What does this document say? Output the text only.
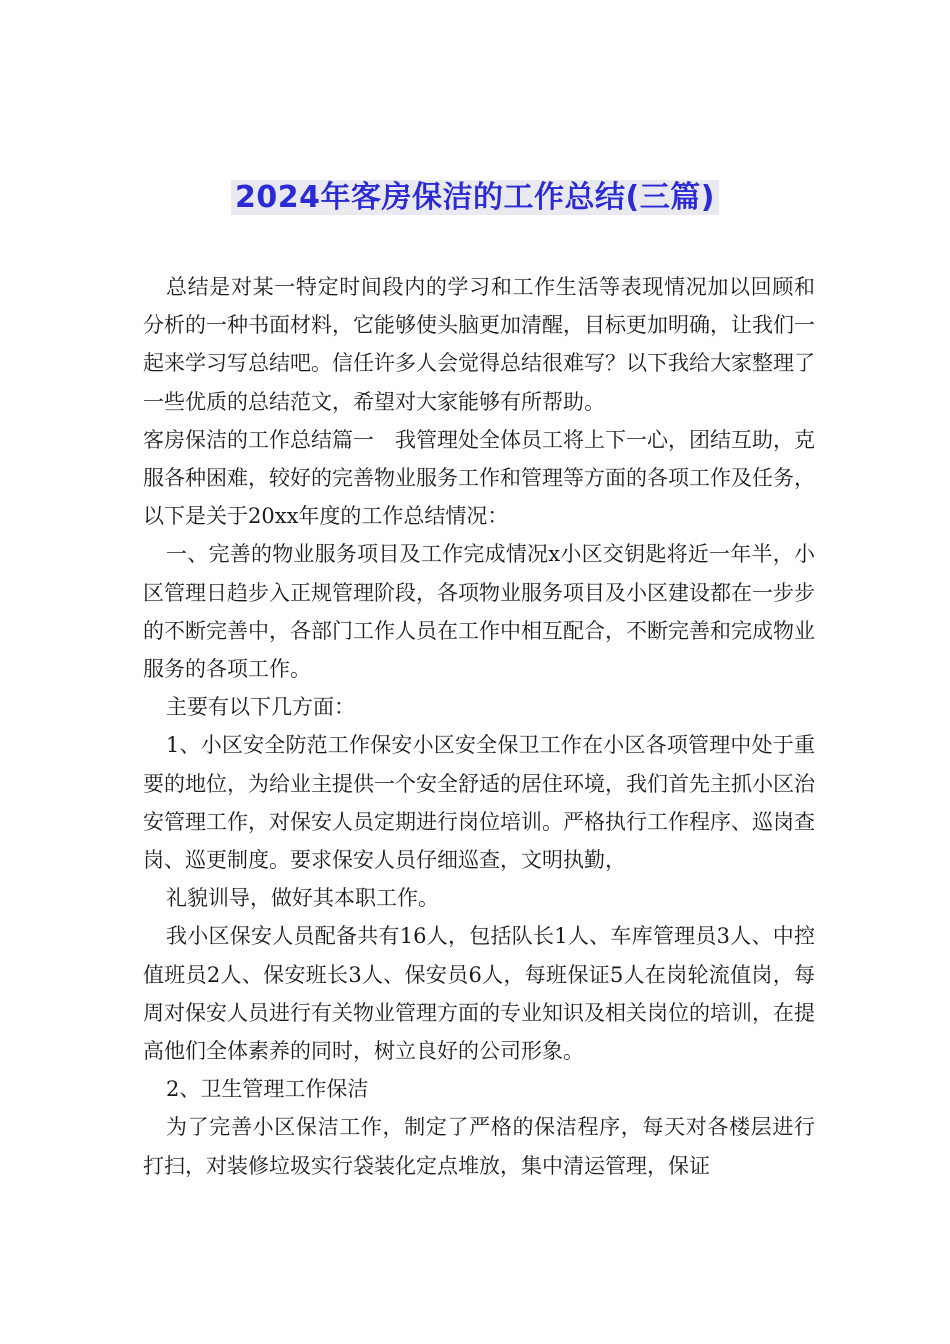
2024年客房保洁的工作总结(三篇)

总结是对某一特定时间段内的学习和工作生活等表现情况加以回顾和分析的一种书面材料，它能够使头脑更加清醒，目标更加明确，让我们一起来学习写总结吧。信任许多人会觉得总结很难写？以下我给大家整理了一些优质的总结范文，希望对大家能够有所帮助。

客房保洁的工作总结篇一　我管理处全体员工将上下一心，团结互助，克服各种困难，较好的完善物业服务工作和管理等方面的各项工作及任务，以下是关于20xx年度的工作总结情况：

一、完善的物业服务项目及工作完成情况x小区交钥匙将近一年半，小区管理日趋步入正规管理阶段，各项物业服务项目及小区建设都在一步步的不断完善中，各部门工作人员在工作中相互配合，不断完善和完成物业服务的各项工作。

主要有以下几方面：

1、小区安全防范工作保安小区安全保卫工作在小区各项管理中处于重要的地位，为给业主提供一个安全舒适的居住环境，我们首先主抓小区治安管理工作，对保安人员定期进行岗位培训。严格执行工作程序、巡岗查岗、巡更制度。要求保安人员仔细巡查，文明执勤，

礼貌训导，做好其本职工作。

我小区保安人员配备共有16人，包括队长1人、车库管理员3人、中控值班员2人、保安班长3人、保安员6人，每班保证5人在岗轮流值岗，每周对保安人员进行有关物业管理方面的专业知识及相关岗位的培训，在提高他们全体素养的同时，树立良好的公司形象。

2、卫生管理工作保洁

为了完善小区保洁工作，制定了严格的保洁程序，每天对各楼层进行打扫，对装修垃圾实行袋装化定点堆放，集中清运管理，保证
